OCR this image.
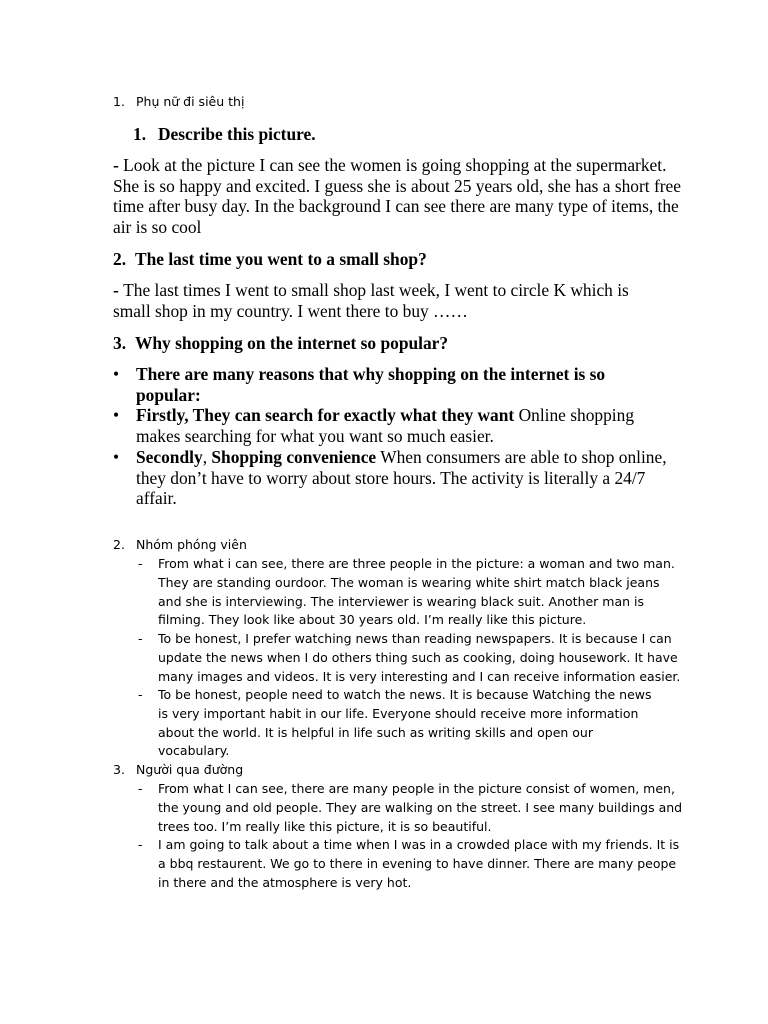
1. Phụ nữ đi siêu thị
1. Describe this picture.
- Look at the picture I can see the women is going shopping at the supermarket. She is so happy and excited. I guess she is about 25 years old, she has a short free time after busy day. In the background I can see there are many type of items, the air is so cool
2. The last time you went to a small shop?
- The last times I went to small shop last week, I went to circle K which is small shop in my country. I went there to buy ……
3. Why shopping on the internet so popular?
• There are many reasons that why shopping on the internet is so popular:
• Firstly, They can search for exactly what they want Online shopping makes searching for what you want so much easier.
• Secondly, Shopping convenience When consumers are able to shop online, they don’t have to worry about store hours. The activity is literally a 24/7 affair.
2. Nhóm phóng viên
- From what i can see, there are three people in the picture: a woman and two man. They are standing ourdoor. The woman is wearing white shirt match black jeans and she is interviewing. The interviewer is wearing black suit. Another man is filming. They look like about 30 years old. I’m really like this picture.
- To be honest, I prefer watching news than reading newspapers. It is because I can update the news when I do others thing such as cooking, doing housework. It have many images and videos. It is very interesting and I can receive information easier.
- To be honest, people need to watch the news. It is because Watching the news is very important habit in our life. Everyone should receive more information about the world. It is helpful in life such as writing skills and open our vocabulary.
3. Người qua đường
- From what I can see, there are many people in the picture consist of women, men, the young and old people. They are walking on the street. I see many buildings and trees too. I’m really like this picture, it is so beautiful.
- I am going to talk about a time when I was in a crowded place with my friends. It is a bbq restaurent. We go to there in evening to have dinner. There are many peope in there and the atmosphere is very hot.
